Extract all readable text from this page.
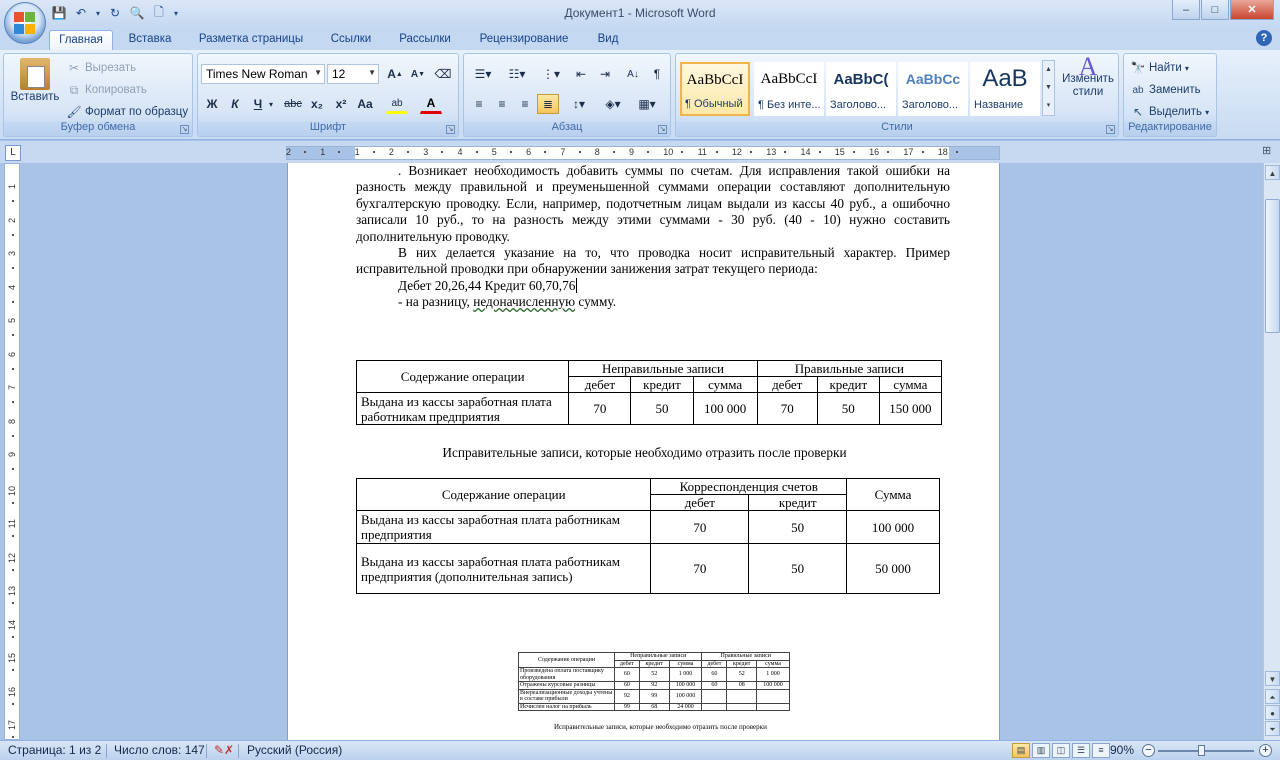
💾 ↶	▾ ↻ 🔍 🗋	▾	Документ1 - Microsoft Word	–	□	✕
Главная	Вставка	Разметка страницы	Ссылки	Рассылки	Рецензирование	Вид	?
Вставить
✂ Вырезать
⧉ Копировать
🖌 Формат по образцу
Буфер обмена	↘
Times New Roman ▼ 12	▼ A ▲ A ▼ ⌫
Ж	К	Ч ▾ abc x₂	x² Aa	ab	A
Шрифт	↘
☰▾ ☷▾ ⋮▾ ⇤ ⇥ A↓ ¶
≡ ≡ ≡ ≣ ↕▾ ◈▾ ▦▾
Абзац	↘
AaBbCcI
¶ Обычный
AaBbCcI
¶ Без инте...
AaBbC(
Заголово...
AaBbCc
Заголово...
AaB
Название
▲
▼
▾
A
Изменить стили
Стили	↘
🔭 Найти ▾
ab Заменить
↖ Выделить ▾
Редактирование
L	2	1	1	2	3	4	5	6	7	8	9	10	11	12	13	14	15	16	17	18	⊞
1
2
3
4
5
6
7
8
9
10
11
12
13
14
15
16
17

. Возникает необходимость добавить суммы по счетам. Для исправления такой ошибки на разность между правильной и преуменьшенной суммами операции составляют дополнительную бухгалтерскую проводку. Если, например, подотчетным лицам выдали из кассы 40 руб., а ошибочно записали 10 руб., то на разность между этими суммами - 30 руб. (40 - 10) нужно составить дополнительную проводку.

В них делается указание на то, что проводка носит исправительный характер. Пример исправительной проводки при обнаружении занижения затрат текущего периода:

Дебет 20,26,44 Кредит 60,70,76
- на разницу, недоначисленную сумму.
Содержание операции	Неправильные записи			Правильные записи		
	дебет	кредит	сумма	дебет	кредит	сумма
Выдана из кассы заработная плата работникам предприятия	70	50	100 000	70	50	150 000
Исправительные записи, которые необходимо отразить после проверки
Содержание операции	Корреспонденция счетов		Сумма
	дебет	кредит	
Выдана из кассы заработная плата работникам предприятия	70	50	100 000
Выдана из кассы заработная плата работникам предприятия (дополнительная запись)	70	50	50 000
Содержание операции	Неправильные записи			Правильные записи		
	дебет	кредит	сумма	дебет	кредит	сумма
Произведена оплата поставщику оборудования	60	52	1 000	60	52	1 000
Отражены курсовые разницы	60	92	100 000	60	08	100 000
Внереализационные доходы учтены в составе прибыли	92	99	100 000			
Исчислен налог на прибыль	99	68	24 000			
Исправительные записи, которые необходимо отразить после проверки
▲
▼
⏶
●
⏷
Страница: 1 из 2 Число слов: 147 ✎✗ Русский (Россия)	▤	▥	◫	☰	≡ 90% −	+
